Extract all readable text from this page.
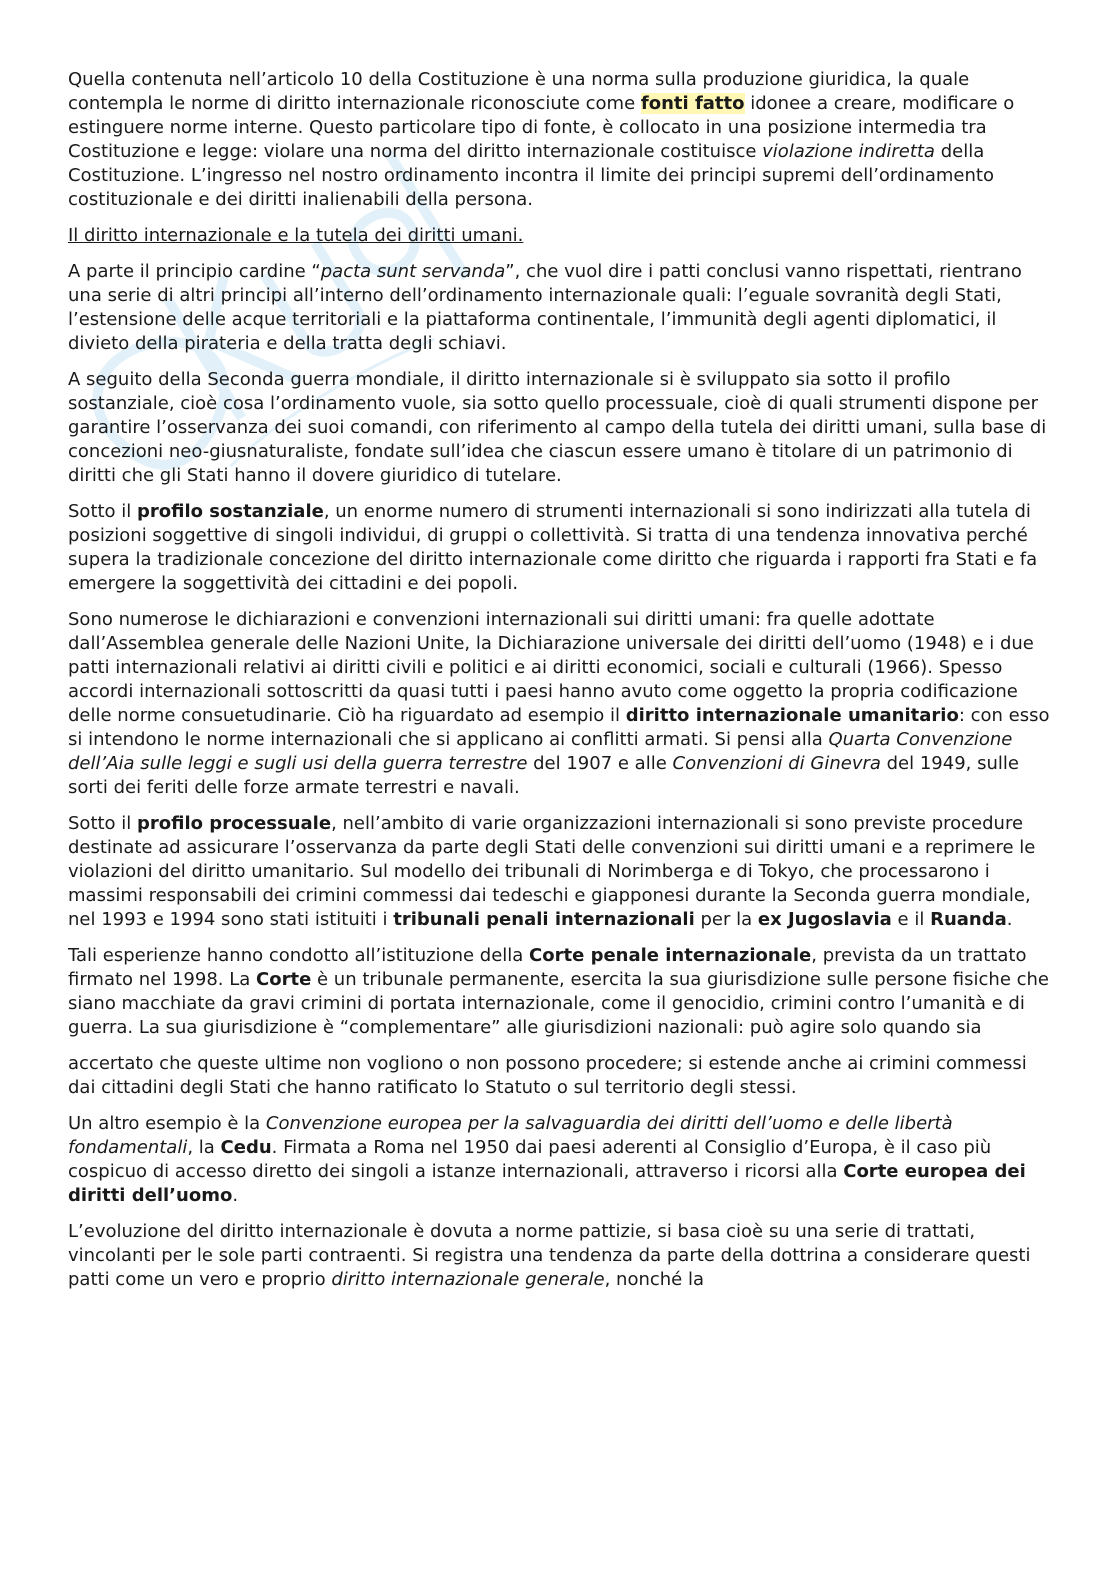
Quella contenuta nell’articolo 10 della Costituzione è una norma sulla produzione giuridica, la quale contempla le norme di diritto internazionale riconosciute come fonti fatto idonee a creare, modificare o estinguere norme interne. Questo particolare tipo di fonte, è collocato in una posizione intermedia tra Costituzione e legge: violare una norma del diritto internazionale costituisce violazione indiretta della Costituzione. L’ingresso nel nostro ordinamento incontra il limite dei principi supremi dell’ordinamento costituzionale e dei diritti inalienabili della persona.

Il diritto internazionale e la tutela dei diritti umani.

A parte il principio cardine “pacta sunt servanda”, che vuol dire i patti conclusi vanno rispettati, rientrano una serie di altri principi all’interno dell’ordinamento internazionale quali: l’eguale sovranità degli Stati, l’estensione delle acque territoriali e la piattaforma continentale, l’immunità degli agenti diplomatici, il divieto della pirateria e della tratta degli schiavi.

A seguito della Seconda guerra mondiale, il diritto internazionale si è sviluppato sia sotto il profilo sostanziale, cioè cosa l’ordinamento vuole, sia sotto quello processuale, cioè di quali strumenti dispone per garantire l’osservanza dei suoi comandi, con riferimento al campo della tutela dei diritti umani, sulla base di concezioni neo-giusnaturaliste, fondate sull’idea che ciascun essere umano è titolare di un patrimonio di diritti che gli Stati hanno il dovere giuridico di tutelare.

Sotto il profilo sostanziale, un enorme numero di strumenti internazionali si sono indirizzati alla tutela di posizioni soggettive di singoli individui, di gruppi o collettività. Si tratta di una tendenza innovativa perché supera la tradizionale concezione del diritto internazionale come diritto che riguarda i rapporti fra Stati e fa emergere la soggettività dei cittadini e dei popoli.

Sono numerose le dichiarazioni e convenzioni internazionali sui diritti umani: fra quelle adottate dall’Assemblea generale delle Nazioni Unite, la Dichiarazione universale dei diritti dell’uomo (1948) e i due patti internazionali relativi ai diritti civili e politici e ai diritti economici, sociali e culturali (1966). Spesso accordi internazionali sottoscritti da quasi tutti i paesi hanno avuto come oggetto la propria codificazione delle norme consuetudinarie. Ciò ha riguardato ad esempio il diritto internazionale umanitario: con esso si intendono le norme internazionali che si applicano ai conflitti armati. Si pensi alla Quarta Convenzione dell’Aia sulle leggi e sugli usi della guerra terrestre del 1907 e alle Convenzioni di Ginevra del 1949, sulle sorti dei feriti delle forze armate terrestri e navali.

Sotto il profilo processuale, nell’ambito di varie organizzazioni internazionali si sono previste procedure destinate ad assicurare l’osservanza da parte degli Stati delle convenzioni sui diritti umani e a reprimere le violazioni del diritto umanitario. Sul modello dei tribunali di Norimberga e di Tokyo, che processarono i massimi responsabili dei crimini commessi dai tedeschi e giapponesi durante la Seconda guerra mondiale, nel 1993 e 1994 sono stati istituiti i tribunali penali internazionali per la ex Jugoslavia e il Ruanda.

Tali esperienze hanno condotto all’istituzione della Corte penale internazionale, prevista da un trattato firmato nel 1998. La Corte è un tribunale permanente, esercita la sua giurisdizione sulle persone fisiche che siano macchiate da gravi crimini di portata internazionale, come il genocidio, crimini contro l’umanità e di guerra. La sua giurisdizione è “complementare” alle giurisdizioni nazionali: può agire solo quando sia

accertato che queste ultime non vogliono o non possono procedere; si estende anche ai crimini commessi dai cittadini degli Stati che hanno ratificato lo Statuto o sul territorio degli stessi.

Un altro esempio è la Convenzione europea per la salvaguardia dei diritti dell’uomo e delle libertà fondamentali, la Cedu. Firmata a Roma nel 1950 dai paesi aderenti al Consiglio d’Europa, è il caso più cospicuo di accesso diretto dei singoli a istanze internazionali, attraverso i ricorsi alla Corte europea dei diritti dell’uomo.

L’evoluzione del diritto internazionale è dovuta a norme pattizie, si basa cioè su una serie di trattati, vincolanti per le sole parti contraenti. Si registra una tendenza da parte della dottrina a considerare questi patti come un vero e proprio diritto internazionale generale, nonché la
